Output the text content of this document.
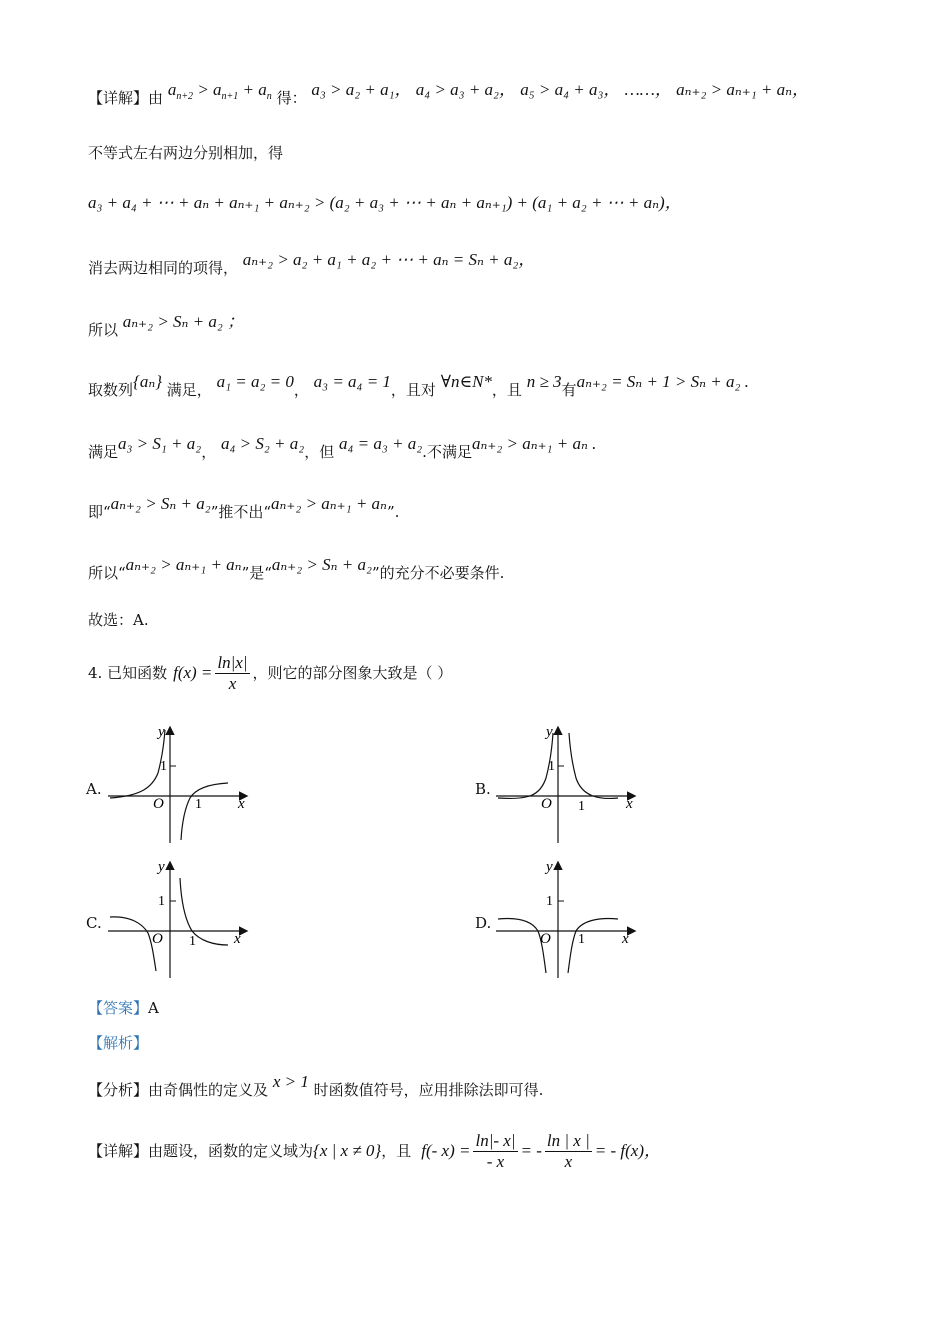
【详解】由 $a_{n+2} > a_{n+1} + a_n$ 得： a₃ > a₂ + a₁， a₄ > a₃ + a₂， a₅ > a₄ + a₃， ……， aₙ₊₂ > aₙ₊₁ + aₙ，
不等式左右两边分别相加，得
a₃ + a₄ + ⋯ + aₙ + aₙ₊₁ + aₙ₊₂ > (a₂ + a₃ + ⋯ + aₙ + aₙ₊₁) + (a₁ + a₂ + ⋯ + aₙ)，
消去两边相同的项得， aₙ₊₂ > a₂ + a₁ + a₂ + ⋯ + aₙ = Sₙ + a₂，
所以 aₙ₊₂ > Sₙ + a₂ ；
取数列{aₙ} 满足， a₁ = a₂ = 0， a₃ = a₄ = 1，且对 ∀n∈N*，且 n ≥ 3有aₙ₊₂ = Sₙ + 1 > Sₙ + a₂ .
满足a₃ > S₁ + a₂， a₄ > S₂ + a₂，但 a₄ = a₃ + a₂.不满足aₙ₊₂ > aₙ₊₁ + aₙ .
即“aₙ₊₂ > Sₙ + a₂”推不出“aₙ₊₂ > aₙ₊₁ + aₙ”.
所以“aₙ₊₂ > aₙ₊₁ + aₙ”是“aₙ₊₂ > Sₙ + a₂”的充分不必要条件.
故选：A.
4. 已知函数 $f(x) = \frac{\ln|x|}{x}$ ，则它的部分图象大致是（ ）
A.	B.
C.	D.
y
1
O 1 x
y
1
O 1	x
y
1
O 1	x
y
1
O 1 x
【答案】A
【解析】
【分析】由奇偶性的定义及 x > 1 时函数值符号，应用排除法即可得.
【详解】 由题设，函数的定义域为 {x | x ≠ 0} ，且 f(- $x) = \frac{\ln|- x|}{- x}$ = - $\frac{\ln | x |}{x}$ = - f(x)，
